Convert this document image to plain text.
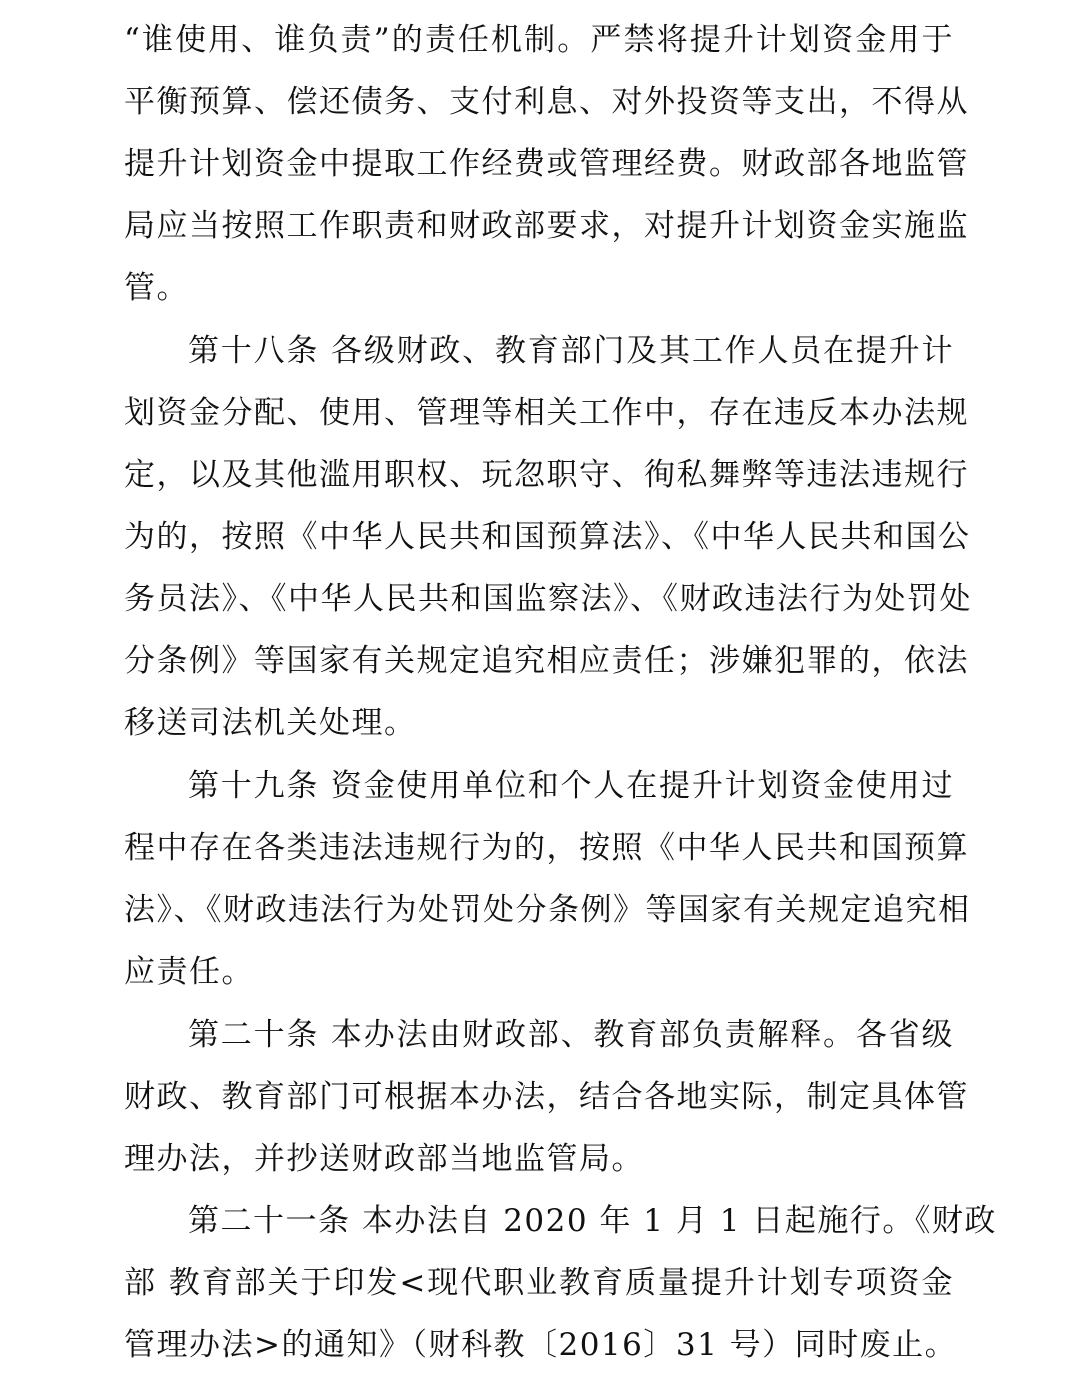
“谁使用、谁负责”的责任机制。严禁将提升计划资金用于
平衡预算、偿还债务、支付利息、对外投资等支出，不得从
提升计划资金中提取工作经费或管理经费。财政部各地监管
局应当按照工作职责和财政部要求，对提升计划资金实施监
管。
第十八条 各级财政、教育部门及其工作人员在提升计
划资金分配、使用、管理等相关工作中，存在违反本办法规
定，以及其他滥用职权、玩忽职守、徇私舞弊等违法违规行
为的，按照《中华人民共和国预算法》、《中华人民共和国公
务员法》、《中华人民共和国监察法》、《财政违法行为处罚处
分条例》等国家有关规定追究相应责任；涉嫌犯罪的，依法
移送司法机关处理。
第十九条 资金使用单位和个人在提升计划资金使用过
程中存在各类违法违规行为的，按照《中华人民共和国预算
法》、《财政违法行为处罚处分条例》等国家有关规定追究相
应责任。
第二十条 本办法由财政部、教育部负责解释。各省级
财政、教育部门可根据本办法，结合各地实际，制定具体管
理办法，并抄送财政部当地监管局。
第二十一条 本办法自 2020 年 1 月 1 日起施行。《财政
部 教育部关于印发<现代职业教育质量提升计划专项资金
管理办法>的通知》（财科教〔2016〕31 号）同时废止。
